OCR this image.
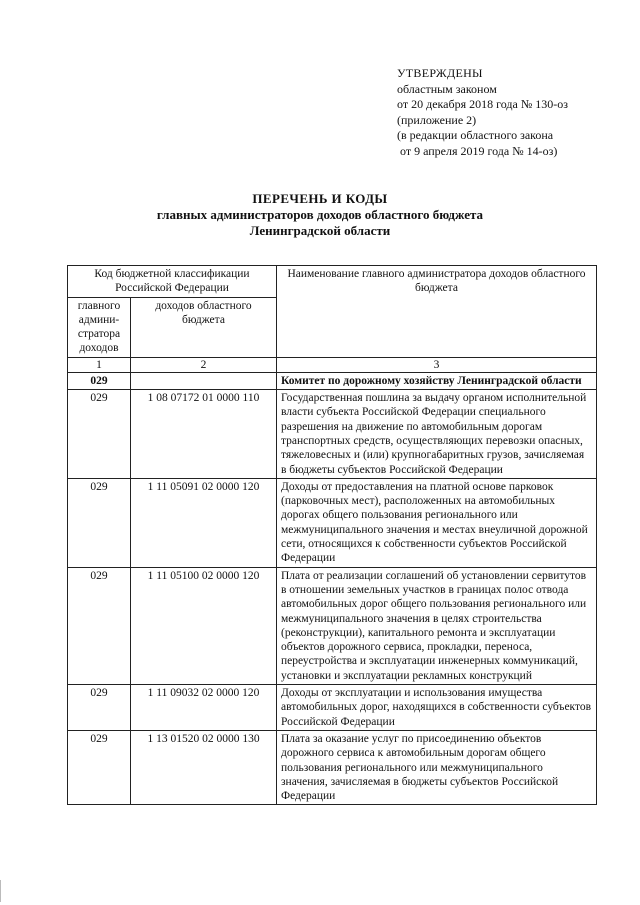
УТВЕРЖДЕНЫ
областным законом
от 20 декабря 2018 года № 130-оз
(приложение 2)
(в редакции областного закона
от 9 апреля 2019 года № 14-оз)
ПЕРЕЧЕНЬ И КОДЫ
главных администраторов доходов областного бюджета
Ленинградской области
Код бюджетной классификации Российской Федерации		Наименование главного администратора доходов областного бюджета
главного админи-стратора доходов	доходов областного бюджета	
1	2	3
029		Комитет по дорожному хозяйству Ленинградской области
029	1 08 07172 01 0000 110	Государственная пошлина за выдачу органом исполнительной власти субъекта Российской Федерации специального разрешения на движение по автомобильным дорогам транспортных средств, осуществляющих перевозки опасных, тяжеловесных и (или) крупногабаритных грузов, зачисляемая в бюджеты субъектов Российской Федерации
029	1 11 05091 02 0000 120	Доходы от предоставления на платной основе парковок (парковочных мест), расположенных на автомобильных дорогах общего пользования регионального или межмуниципального значения и местах внеуличной дорожной сети, относящихся к собственности субъектов Российской Федерации
029	1 11 05100 02 0000 120	Плата от реализации соглашений об установлении сервитутов в отношении земельных участков в границах полос отвода автомобильных дорог общего пользования регионального или межмуниципального значения в целях строительства (реконструкции), капитального ремонта и эксплуатации объектов дорожного сервиса, прокладки, переноса, переустройства и эксплуатации инженерных коммуникаций, установки и эксплуатации рекламных конструкций
029	1 11 09032 02 0000 120	Доходы от эксплуатации и использования имущества автомобильных дорог, находящихся в собственности субъектов Российской Федерации
029	1 13 01520 02 0000 130	Плата за оказание услуг по присоединению объектов дорожного сервиса к автомобильным дорогам общего пользования регионального или межмуниципального значения, зачисляемая в бюджеты субъектов Российской Федерации
